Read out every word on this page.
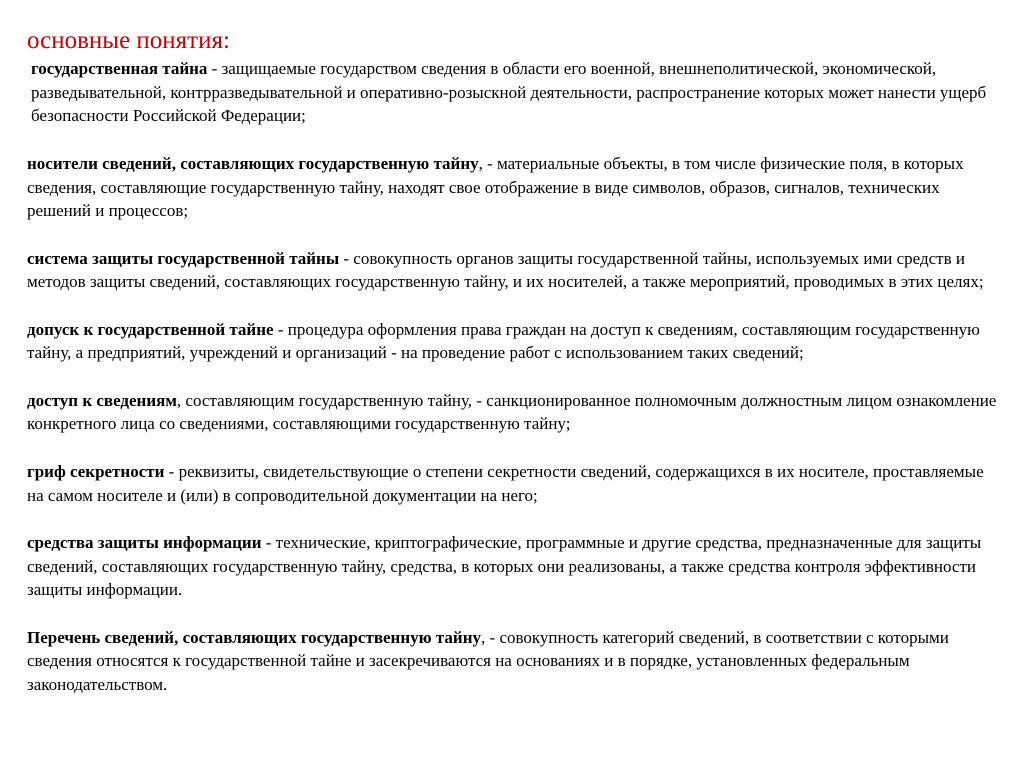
основные понятия:
государственная тайна - защищаемые государством сведения в области его военной, внешнеполитической, экономической, разведывательной, контрразведывательной и оперативно-розыскной деятельности, распространение которых может нанести ущерб безопасности Российской Федерации;
носители сведений, составляющих государственную тайну, - материальные объекты, в том числе физические поля, в которых сведения, составляющие государственную тайну, находят свое отображение в виде символов, образов, сигналов, технических решений и процессов;
система защиты государственной тайны - совокупность органов защиты государственной тайны, используемых ими средств и методов защиты сведений, составляющих государственную тайну, и их носителей, а также мероприятий, проводимых в этих целях;
допуск к государственной тайне - процедура оформления права граждан на доступ к сведениям, составляющим государственную тайну, а предприятий, учреждений и организаций - на проведение работ с использованием таких сведений;
доступ к сведениям, составляющим государственную тайну, - санкционированное полномочным должностным лицом ознакомление конкретного лица со сведениями, составляющими государственную тайну;
гриф секретности - реквизиты, свидетельствующие о степени секретности сведений, содержащихся в их носителе, проставляемые на самом носителе и (или) в сопроводительной документации на него;
средства защиты информации - технические, криптографические, программные и другие средства, предназначенные для защиты сведений, составляющих государственную тайну, средства, в которых они реализованы, а также средства контроля эффективности защиты информации.
Перечень сведений, составляющих государственную тайну, - совокупность категорий сведений, в соответствии с которыми сведения относятся к государственной тайне и засекречиваются на основаниях и в порядке, установленных федеральным законодательством.
